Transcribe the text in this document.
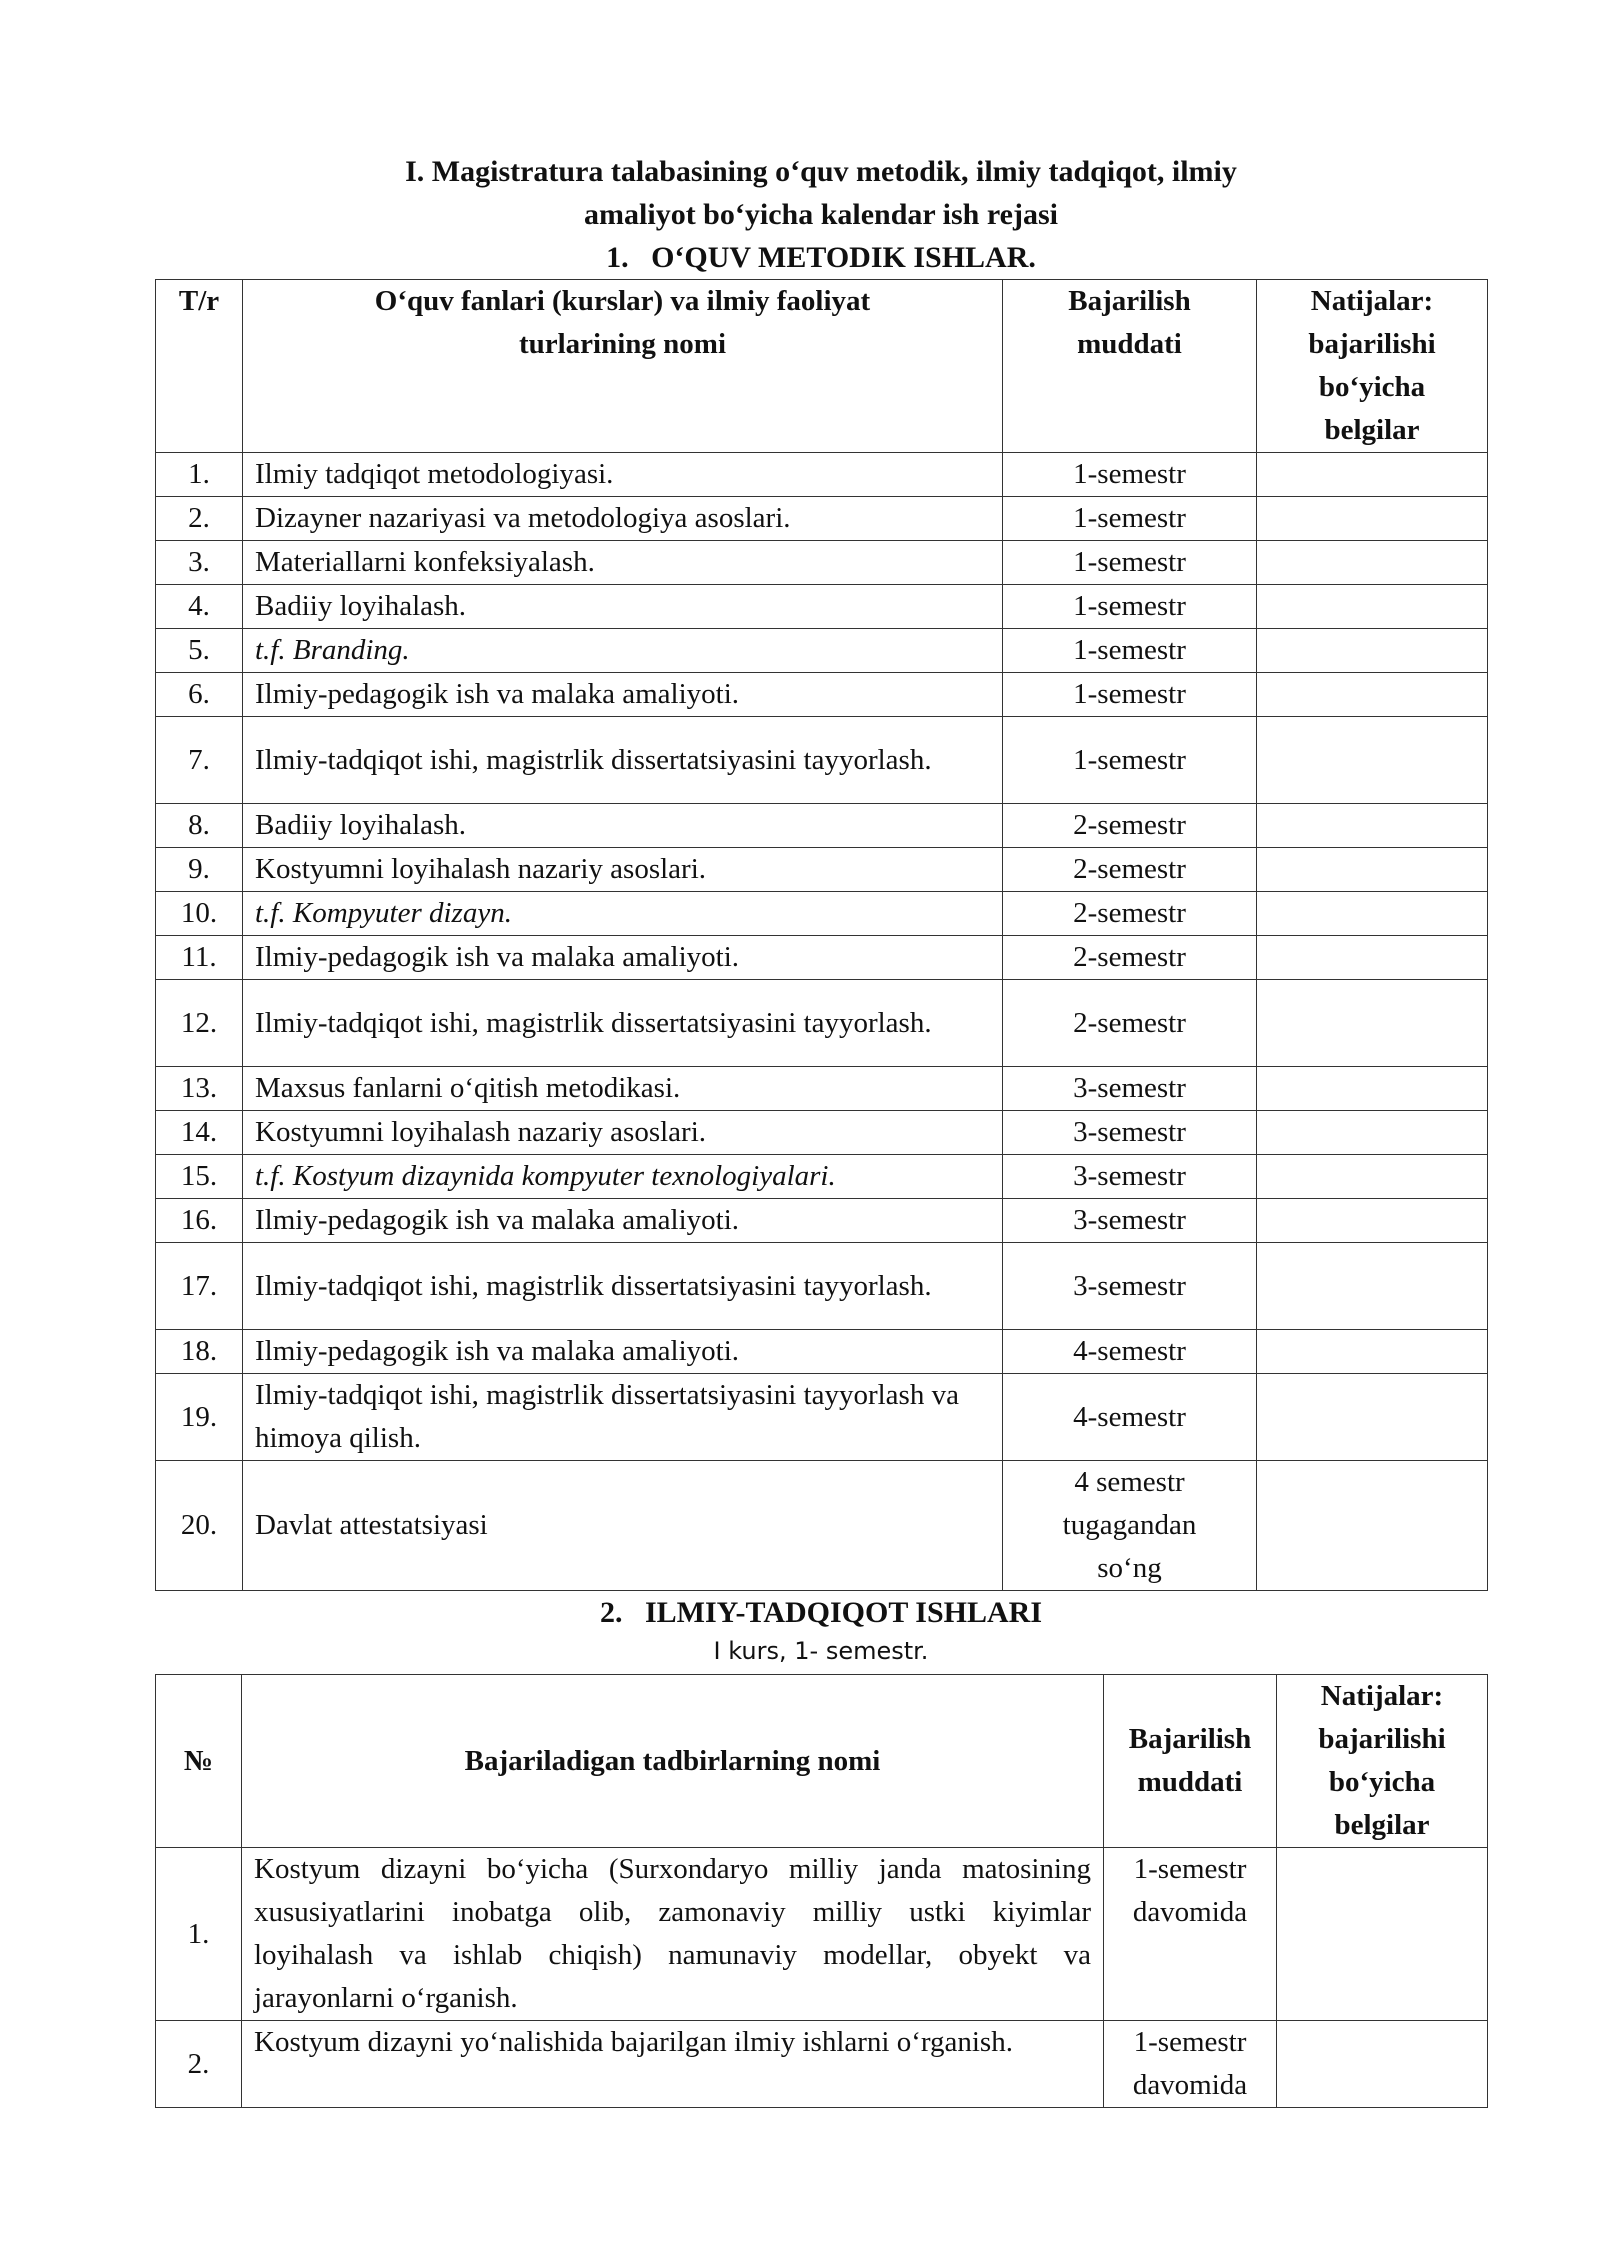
I. Magistratura talabasining o‘quv metodik, ilmiy tadqiqot, ilmiy

amaliyot bo‘yicha kalendar ish rejasi

1.   O‘QUV METODIK ISHLAR.

T/r	O‘quv fanlari (kurslar) va ilmiy faoliyat turlarining nomi	Bajarilish muddati	Natijalar: bajarilishi bo‘yicha belgilar
1.	Ilmiy tadqiqot metodologiyasi.	1-semestr	
2.	Dizayner nazariyasi va metodologiya asoslari.	1-semestr	
3.	Materiallarni konfeksiyalash.	1-semestr	
4.	Badiiy loyihalash.	1-semestr	
5.	t.f. Branding.	1-semestr	
6.	Ilmiy-pedagogik ish va malaka amaliyoti.	1-semestr	
7.	Ilmiy-tadqiqot ishi, magistrlik dissertatsiyasini tayyorlash.	1-semestr	
8.	Badiiy loyihalash.	2-semestr	
9.	Kostyumni loyihalash nazariy asoslari.	2-semestr	
10.	t.f. Kompyuter dizayn.	2-semestr	
11.	Ilmiy-pedagogik ish va malaka amaliyoti.	2-semestr	
12.	Ilmiy-tadqiqot ishi, magistrlik dissertatsiyasini tayyorlash.	2-semestr	
13.	Maxsus fanlarni o‘qitish metodikasi.	3-semestr	
14.	Kostyumni loyihalash nazariy asoslari.	3-semestr	
15.	t.f. Kostyum dizaynida kompyuter texnologiyalari.	3-semestr	
16.	Ilmiy-pedagogik ish va malaka amaliyoti.	3-semestr	
17.	Ilmiy-tadqiqot ishi, magistrlik dissertatsiyasini tayyorlash.	3-semestr	
18.	Ilmiy-pedagogik ish va malaka amaliyoti.	4-semestr	
19.	Ilmiy-tadqiqot ishi, magistrlik dissertatsiyasini tayyorlash va himoya qilish.	4-semestr	
20.	Davlat attestatsiyasi	4 semestr tugagandan so‘ng	

2.   ILMIY-TADQIQOT ISHLARI

I kurs, 1- semestr.

№	Bajariladigan tadbirlarning nomi	Bajarilish muddati	Natijalar: bajarilishi bo‘yicha belgilar
1.	Kostyum dizayni bo‘yicha (Surxondaryo milliy janda matosining xususiyatlarini inobatga olib, zamonaviy milliy ustki kiyimlar loyihalash va ishlab chiqish) namunaviy modellar, obyekt va jarayonlarni o‘rganish.	1-semestr davomida	
2.	Kostyum dizayni yo‘nalishida bajarilgan ilmiy ishlarni o‘rganish.	1-semestr davomida	
